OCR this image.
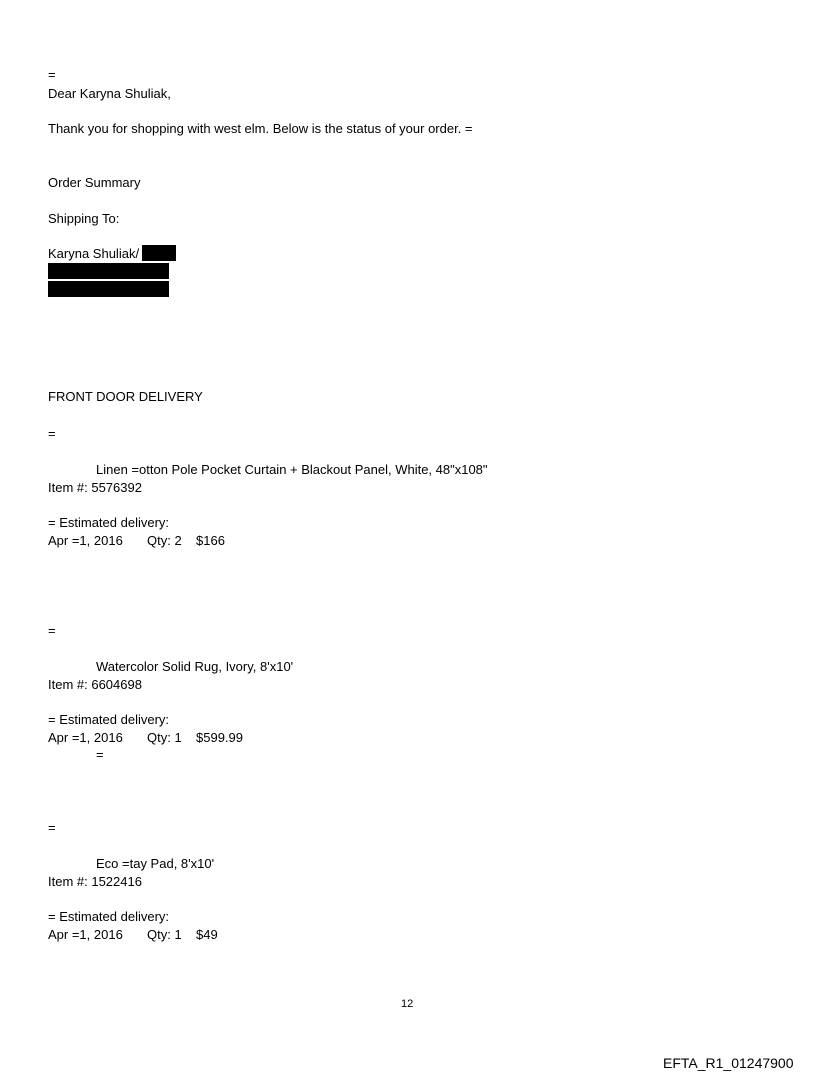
=
Dear Karyna Shuliak,
Thank you for shopping with west elm. Below is the status of your order. =
Order Summary
Shipping To:
Karyna Shuliak/
FRONT DOOR DELIVERY
=
Linen =otton Pole Pocket Curtain + Blackout Panel, White, 48"x108"
Item #: 5576392
= Estimated delivery:
Apr =1, 2016 Qty: 2 $166
=
Watercolor Solid Rug, Ivory, 8'x10'
Item #: 6604698
= Estimated delivery:
Apr =1, 2016 Qty: 1 $599.99
=
=
Eco =tay Pad, 8'x10'
Item #: 1522416
= Estimated delivery:
Apr =1, 2016 Qty: 1 $49
12
EFTA_R1_01247900
